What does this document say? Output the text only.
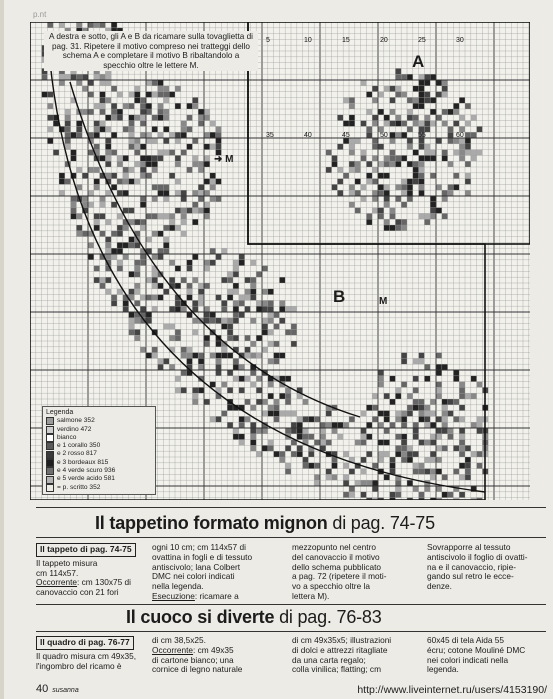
p.nt
5	10	15	20	25	30
35	40	45	50	55	60
A destra e sotto, gli A e B da ricamare sulla tovaglietta di pag. 31. Ripetere il motivo compreso nei tratteggi dello schema A e completare il motivo B ribaltandolo a specchio oltre le lettere M.	A
B
➜ M
M
Legenda
salmone 352
verdino 472
bianco
e 1 corallo 350
e 2 rosso 817
e 3 bordeaux 815
e 4 verde scuro 936
e 5 verde acido 581
= p. scritto 352
Il tappetino formato mignon di pag. 74-75
Il tappeto di pag. 74-75
Il tappeto misura
cm 114x57.
Occorrente: cm 130x75 di
canovaccio con 21 fori
ogni 10 cm; cm 114x57 di
ovattina in fogli e di tessuto
antiscivolo; lana Colbert
DMC nei colori indicati
nella legenda.
Esecuzione: ricamare a
mezzopunto nel centro
del canovaccio il motivo
dello schema pubblicato
a pag. 72 (ripetere il moti-
vo a specchio oltre la
lettera M).
Sovrapporre al tessuto
antiscivolo il foglio di ovatti-
na e il canovaccio, ripie-
gando sul retro le ecce-
denze.
Il cuoco si diverte di pag. 76-83
Il quadro di pag. 76-77
Il quadro misura cm 49x35,
l'ingombro del ricamo è
di cm 38,5x25.
Occorrente: cm 49x35
di cartone bianco; una
cornice di legno naturale
di cm 49x35x5; illustrazioni
di dolci e attrezzi ritagliate
da una carta regalo;
colla vinilica; flatting; cm
60x45 di tela Aida 55
écru; cotone Mouliné DMC
nei colori indicati nella
legenda.
40 susanna	http://www.liveinternet.ru/users/4153190/
